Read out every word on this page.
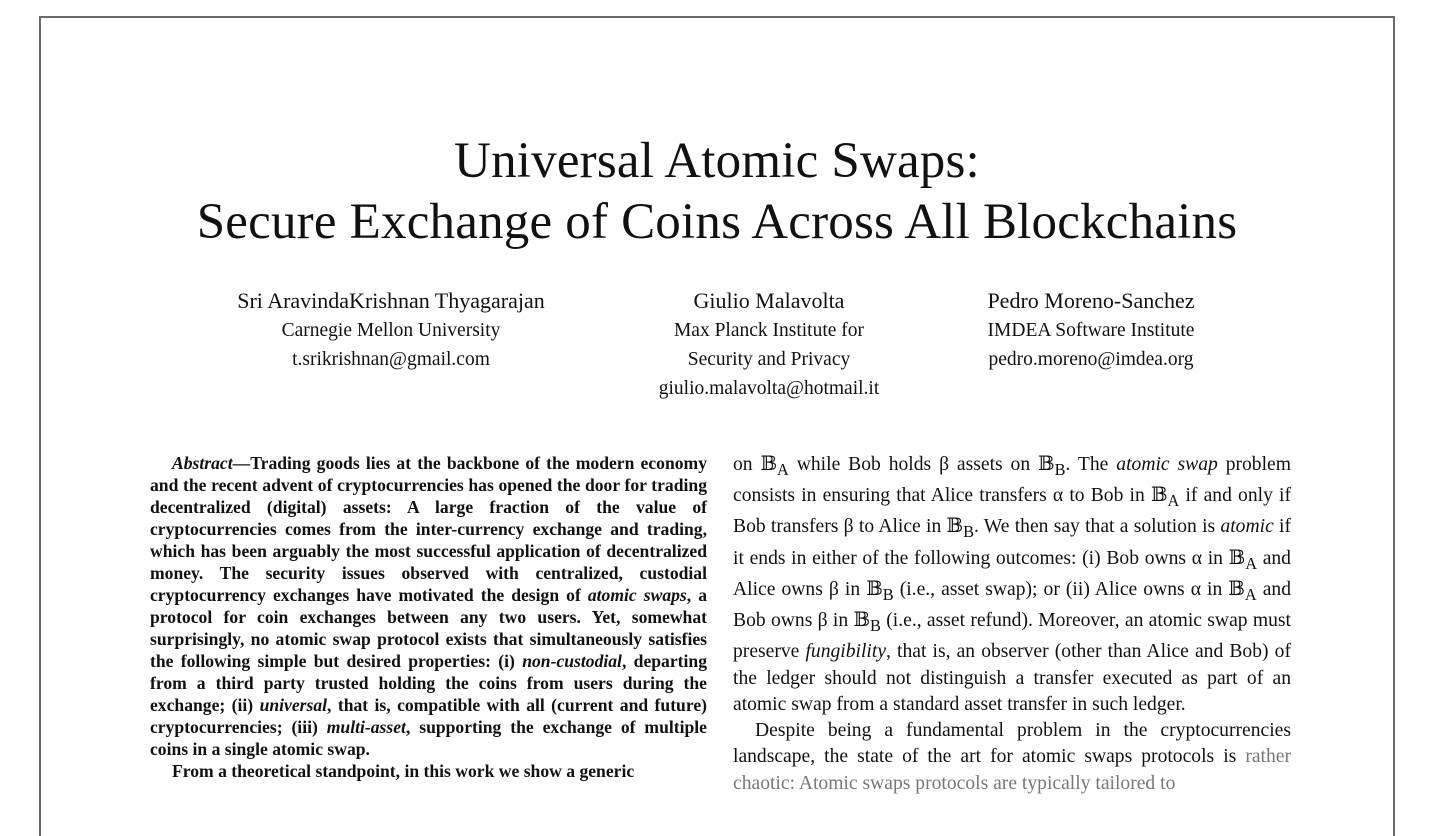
Universal Atomic Swaps:
Secure Exchange of Coins Across All Blockchains
Sri AravindaKrishnan Thyagarajan
Carnegie Mellon University
t.srikrishnan@gmail.com
Giulio Malavolta
Max Planck Institute for
Security and Privacy
giulio.malavolta@hotmail.it
Pedro Moreno-Sanchez
IMDEA Software Institute
pedro.moreno@imdea.org

Abstract—Trading goods lies at the backbone of the modern economy and the recent advent of cryptocurrencies has opened the door for trading decentralized (digital) assets: A large fraction of the value of cryptocurrencies comes from the inter-currency exchange and trading, which has been arguably the most successful application of decentralized money. The security issues observed with centralized, custodial cryptocurrency exchanges have motivated the design of atomic swaps, a protocol for coin exchanges between any two users. Yet, somewhat surprisingly, no atomic swap protocol exists that simultaneously satisfies the following simple but desired properties: (i) non-custodial, departing from a third party trusted holding the coins from users during the exchange; (ii) universal, that is, compatible with all (current and future) cryptocurrencies; (iii) multi-asset, supporting the exchange of multiple coins in a single atomic swap.

From a theoretical standpoint, in this work we show a generic

on 𝔹$_A$ while Bob holds β assets on 𝔹$_B$. The atomic swap problem consists in ensuring that Alice transfers α to Bob in 𝔹$_A$ if and only if Bob transfers β to Alice in 𝔹$_B$. We then say that a solution is atomic if it ends in either of the following outcomes: (i) Bob owns α in 𝔹$_A$ and Alice owns β in 𝔹$_B$ (i.e., asset swap); or (ii) Alice owns α in 𝔹$_A$ and Bob owns β in 𝔹$_B$ (i.e., asset refund). Moreover, an atomic swap must preserve fungibility, that is, an observer (other than Alice and Bob) of the ledger should not distinguish a transfer executed as part of an atomic swap from a standard asset transfer in such ledger.

Despite being a fundamental problem in the cryptocurrencies landscape, the state of the art for atomic swaps protocols is rather chaotic: Atomic swaps protocols are typically tailored to
